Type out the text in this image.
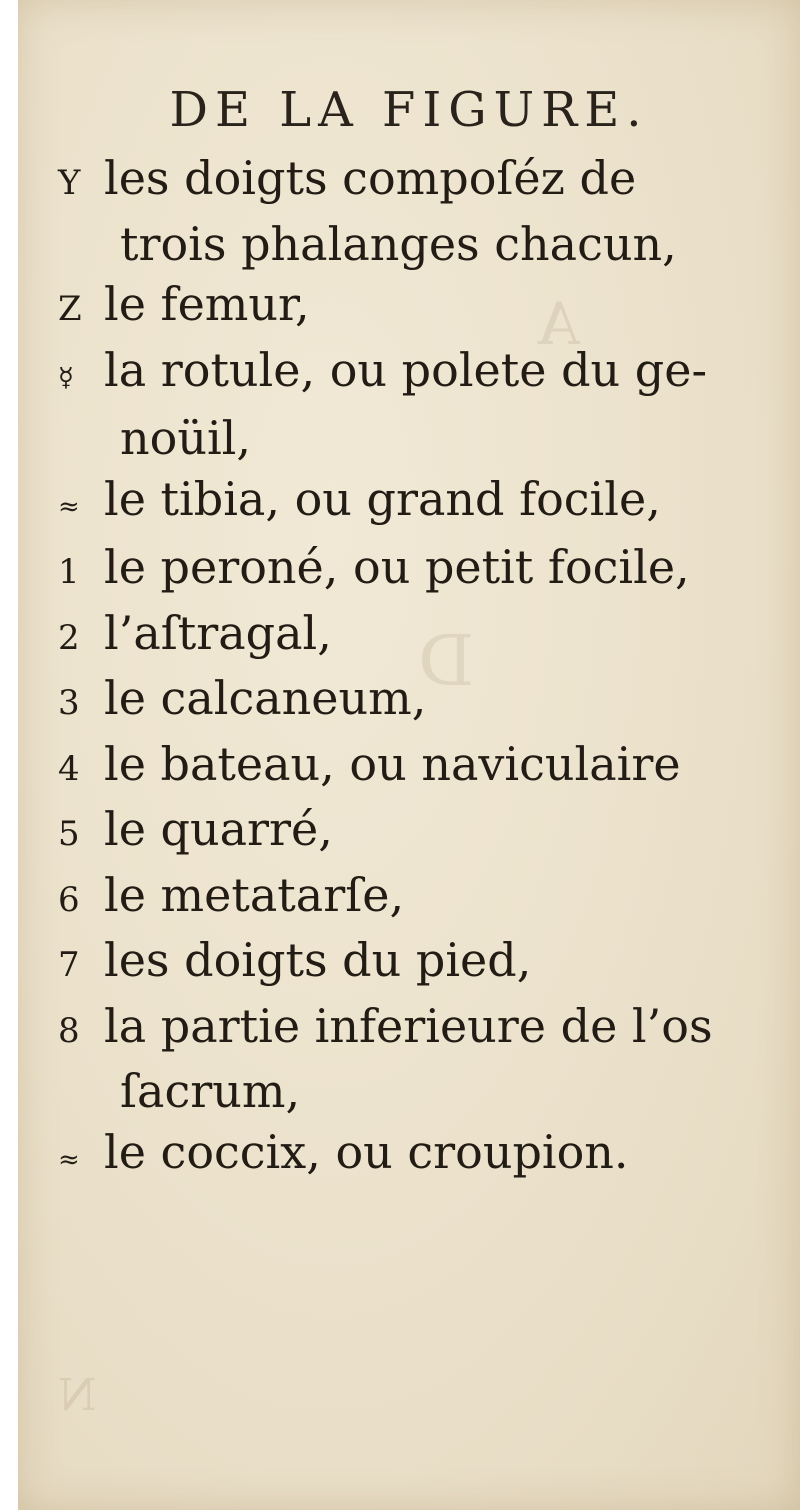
A
D
N
DE LA FIGURE.
Y les doigts compoſéz de
trois phalanges chacun,
Z le femur,
☿ la rotule, ou polete du ge-
noüil,
≈ le tibia, ou grand focile,
1 le peroné, ou petit focile,
2 l’aſtragal,
3 le calcaneum,
4 le bateau, ou naviculaire
5 le quarré,
6 le metatarſe,
7 les doigts du pied,
8 la partie inferieure de l’os
ſacrum,
≈ le coccix, ou croupion.
